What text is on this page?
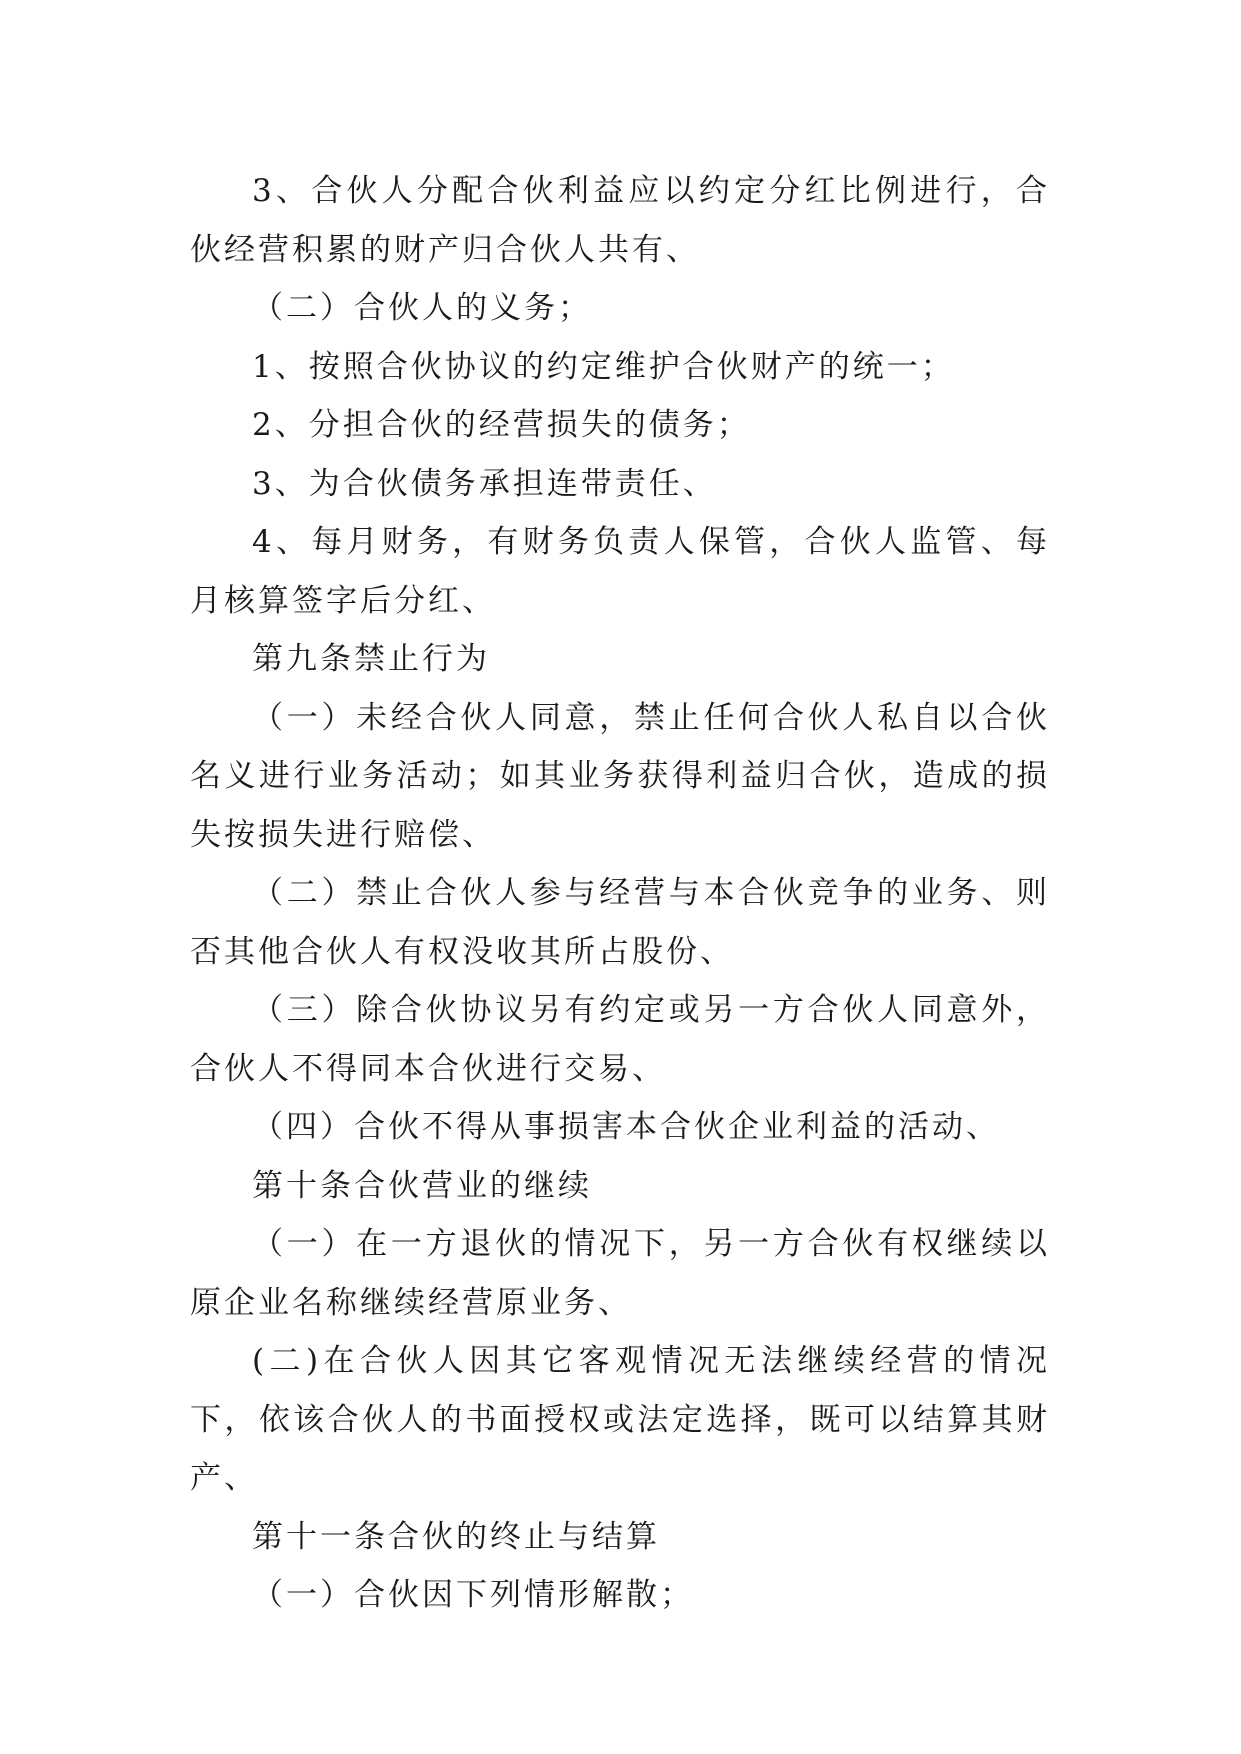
3、合伙人分配合伙利益应以约定分红比例进行，合伙经营积累的财产归合伙人共有、

（二）合伙人的义务；

1、按照合伙协议的约定维护合伙财产的统一；

2、分担合伙的经营损失的债务；

3、为合伙债务承担连带责任、

4、每月财务，有财务负责人保管，合伙人监管、每月核算签字后分红、

第九条禁止行为

（一）未经合伙人同意，禁止任何合伙人私自以合伙名义进行业务活动；如其业务获得利益归合伙，造成的损失按损失进行赔偿、

（二）禁止合伙人参与经营与本合伙竞争的业务、则否其他合伙人有权没收其所占股份、

（三）除合伙协议另有约定或另一方合伙人同意外，合伙人不得同本合伙进行交易、

（四）合伙不得从事损害本合伙企业利益的活动、

第十条合伙营业的继续

（一）在一方退伙的情况下，另一方合伙有权继续以原企业名称继续经营原业务、

(二)在合伙人因其它客观情况无法继续经营的情况下，依该合伙人的书面授权或法定选择，既可以结算其财产、

第十一条合伙的终止与结算

（一）合伙因下列情形解散；
